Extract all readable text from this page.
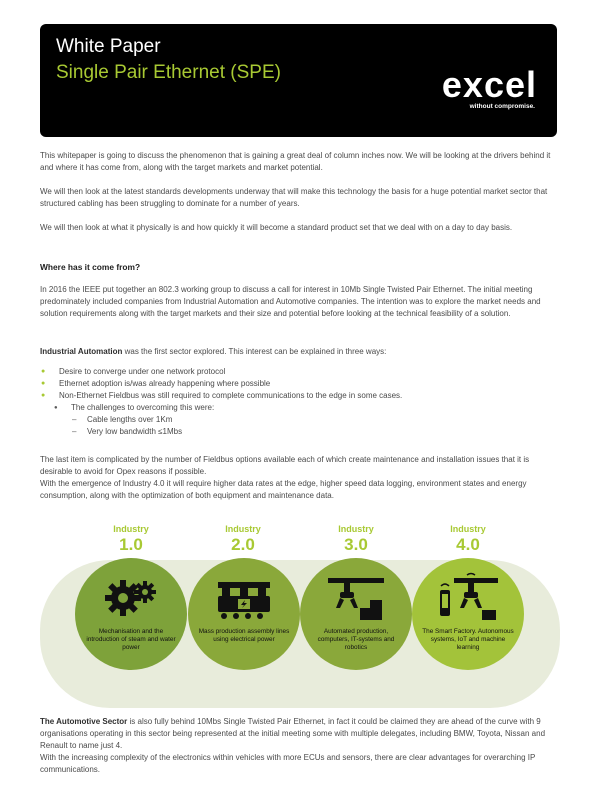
White Paper
Single Pair Ethernet (SPE)	excel
without compromise.

This whitepaper is going to discuss the phenomenon that is gaining a great deal of column inches now. We will be looking at the drivers behind it and where it has come from, along with the target markets and market potential.

We will then look at the latest standards developments underway that will make this technology the basis for a huge potential market sector that structured cabling has been struggling to dominate for a number of years.

We will then look at what it physically is and how quickly it will become a standard product set that we deal with on a day to day basis.

Where has it come from?

In 2016 the IEEE put together an 802.3 working group to discuss a call for interest in 10Mb Single Twisted Pair Ethernet. The initial meeting predominately included companies from Industrial Automation and Automotive companies. The intention was to explore the market needs and solution requirements along with the target markets and their size and potential before looking at the technical feasibility of a solution.

Industrial Automation was the first sector explored. This interest can be explained in three ways:

● Desire to converge under one network protocol
● Ethernet adoption is/was already happening where possible
● Non-Ethernet Fieldbus was still required to complete communications to the edge in some cases.
● The challenges to overcoming this were:
– Cable lengths over 1Km
– Very low bandwidth ≤1Mbs

The last item is complicated by the number of Fieldbus options available each of which create maintenance and installation issues that it is desirable to avoid for Opex reasons if possible.
With the emergence of Industry 4.0 it will require higher data rates at the edge, higher speed data logging, environment states and energy consumption, along with the optimization of both equipment and maintenance data.

Industry
1.0
Industry
2.0
Industry
3.0
Industry
4.0
Mechanisation and the introduction of steam and water power
Mass production assembly lines using electrical power
Automated production, computers, IT-systems and robotics
The Smart Factory. Autonomous systems, IoT and machine learning

The Automotive Sector is also fully behind 10Mbs Single Twisted Pair Ethernet, in fact it could be claimed they are ahead of the curve with 9 organisations operating in this sector being represented at the initial meeting some with multiple delegates, including BMW, Toyota, Nissan and Renault to name just 4.
With the increasing complexity of the electronics within vehicles with more ECUs and sensors, there are clear advantages for overarching IP communications.
